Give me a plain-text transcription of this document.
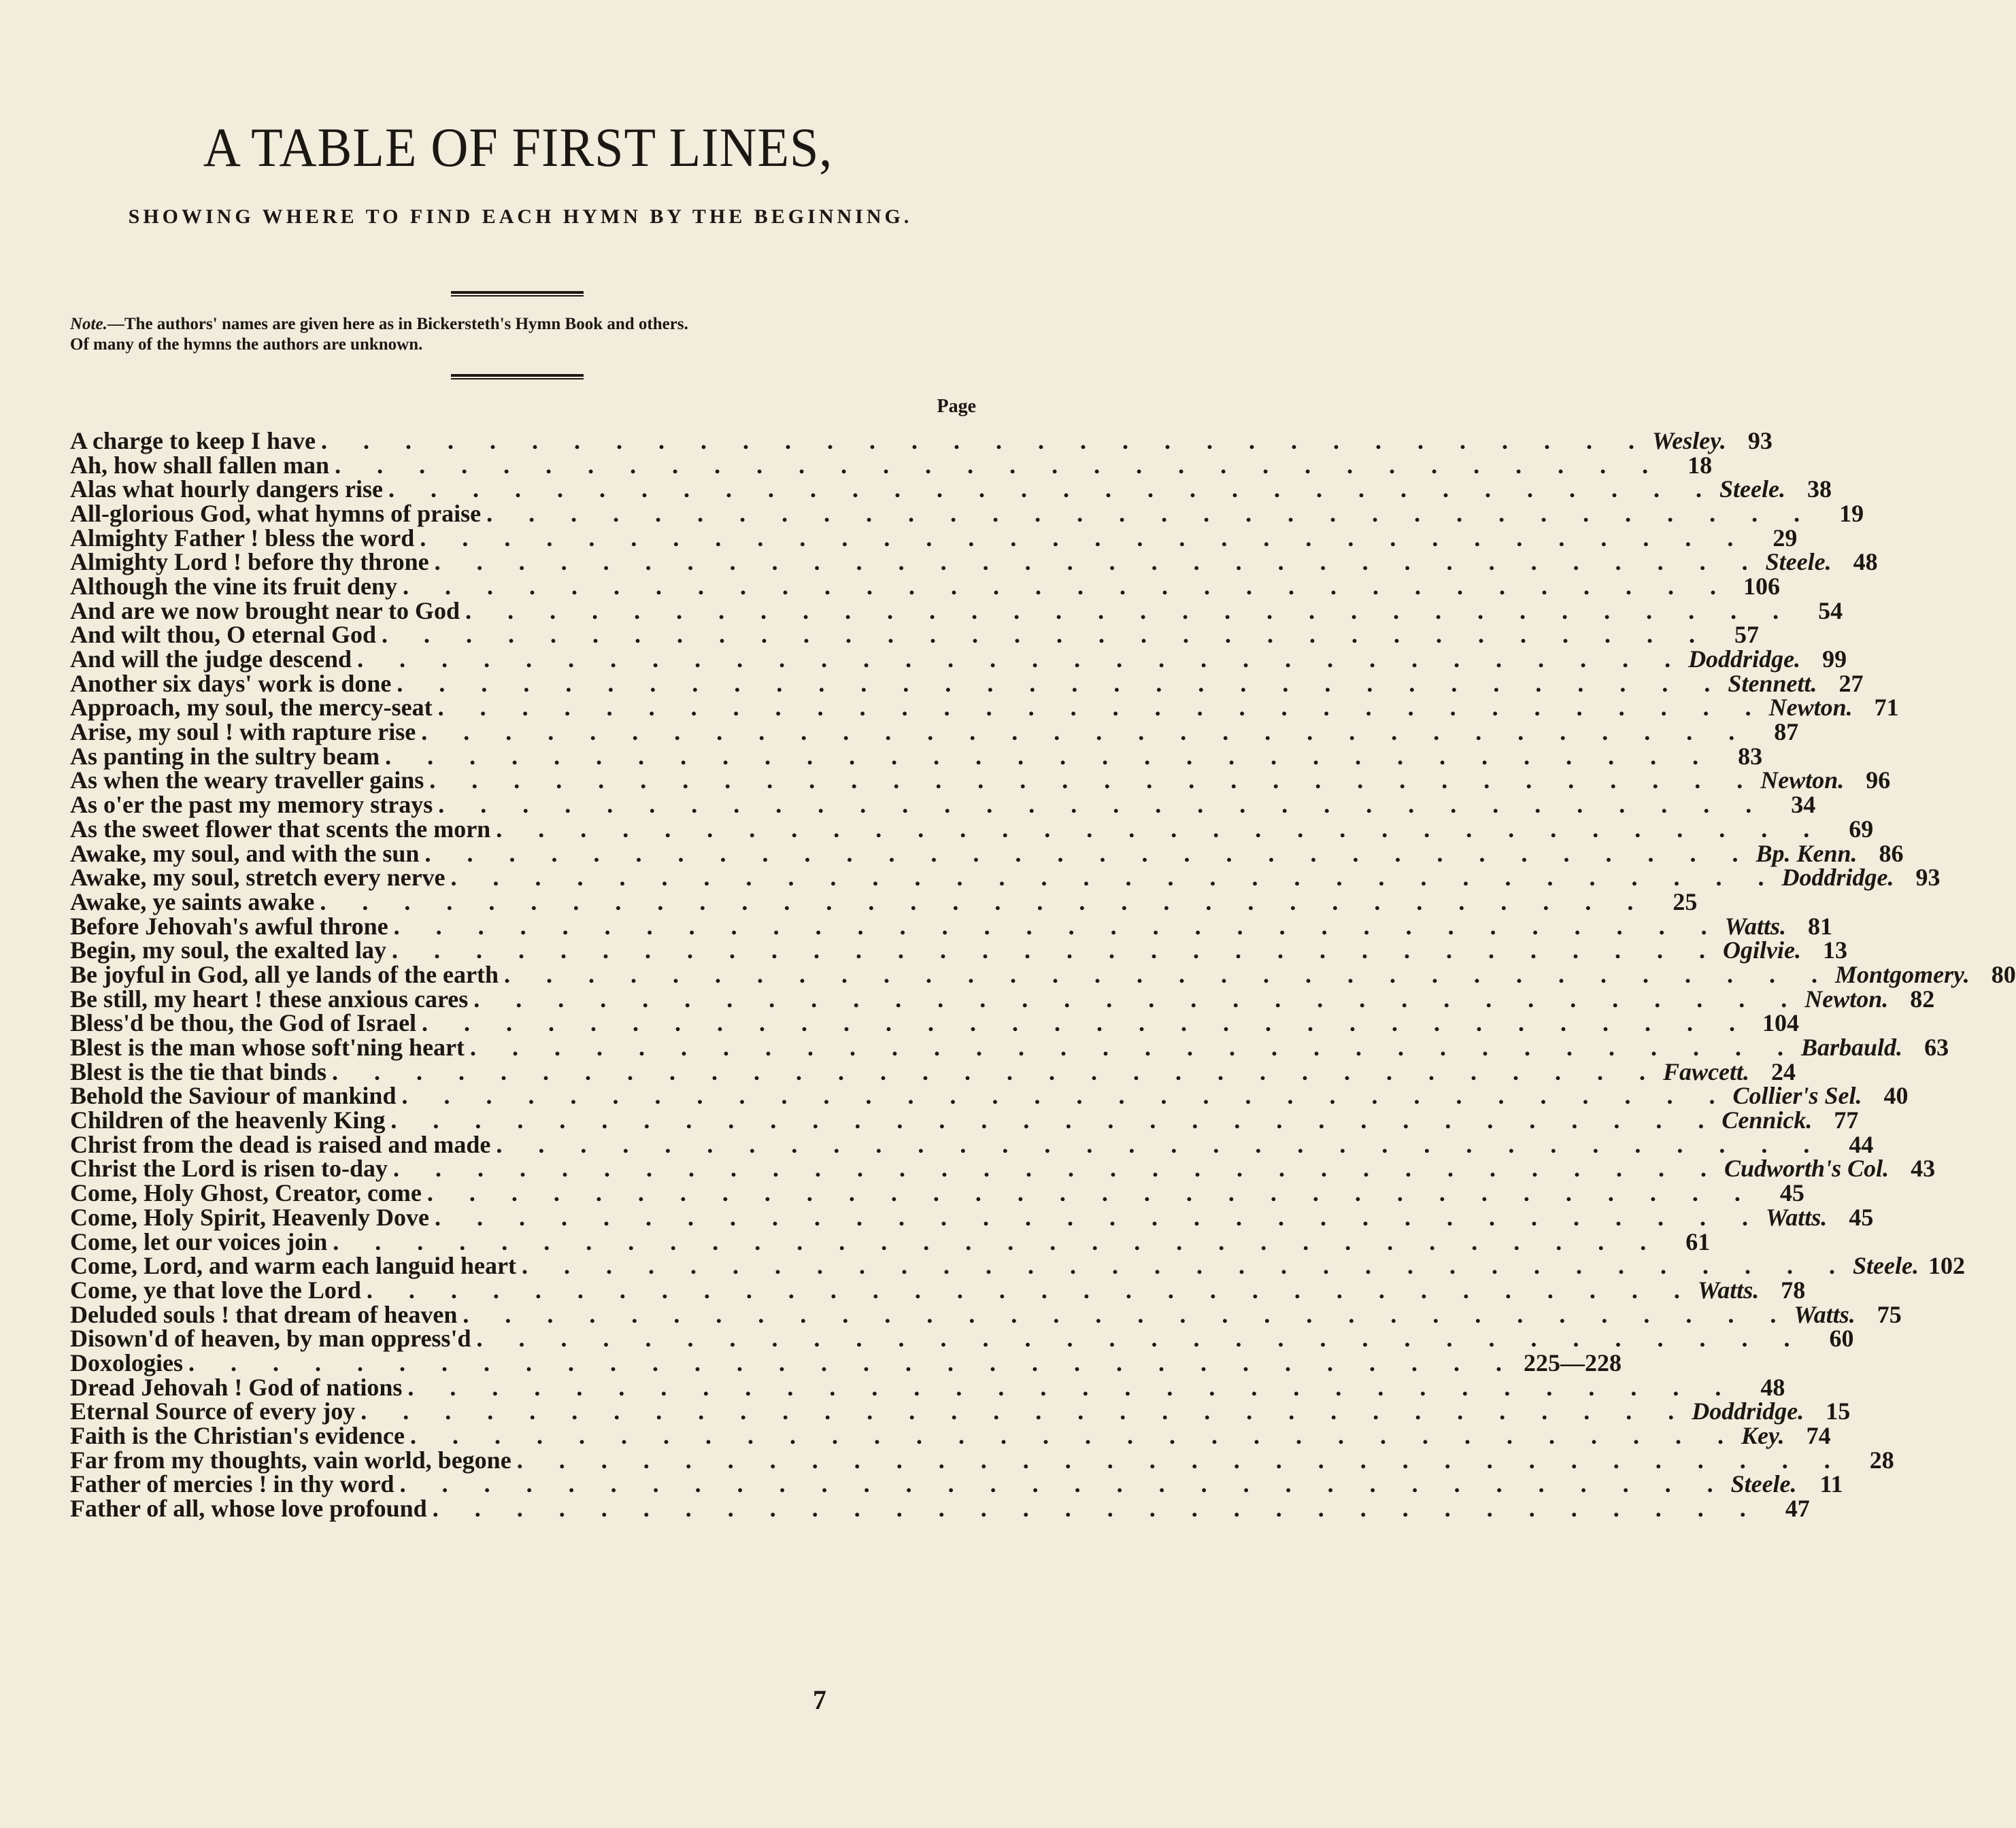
A TABLE OF FIRST LINES,
SHOWING WHERE TO FIND EACH HYMN BY THE BEGINNING.
Note.—The authors' names are given here as in Bickersteth's Hymn Book and others.
Of many of the hymns the authors are unknown.
Page
A charge to keep I have . . . . . . . . . . . . . . . . . . . . . . . . . . . . . . . . Wesley. 93
Ah, how shall fallen man . . . . . . . . . . . . . . . . . . . . . . . . . . . . . . . .	18
Alas what hourly dangers rise . . . . . . . . . . . . . . . . . . . . . . . . . . . . . . . . Steele. 38
All-glorious God, what hymns of praise . . . . . . . . . . . . . . . . . . . . . . . . . . . . . . . .	19
Almighty Father ! bless the word . . . . . . . . . . . . . . . . . . . . . . . . . . . . . . . .	29
Almighty Lord ! before thy throne . . . . . . . . . . . . . . . . . . . . . . . . . . . . . . . . Steele. 48
Although the vine its fruit deny . . . . . . . . . . . . . . . . . . . . . . . . . . . . . . . . 106
And are we now brought near to God . . . . . . . . . . . . . . . . . . . . . . . . . . . . . . . .	54
And wilt thou, O eternal God . . . . . . . . . . . . . . . . . . . . . . . . . . . . . . . .	57
And will the judge descend . . . . . . . . . . . . . . . . . . . . . . . . . . . . . . . . Doddridge. 99
Another six days' work is done . . . . . . . . . . . . . . . . . . . . . . . . . . . . . . . . Stennett. 27
Approach, my soul, the mercy-seat . . . . . . . . . . . . . . . . . . . . . . . . . . . . . . . . Newton. 71
Arise, my soul ! with rapture rise . . . . . . . . . . . . . . . . . . . . . . . . . . . . . . . .	87
As panting in the sultry beam . . . . . . . . . . . . . . . . . . . . . . . . . . . . . . . .	83
As when the weary traveller gains . . . . . . . . . . . . . . . . . . . . . . . . . . . . . . . . Newton. 96
As o'er the past my memory strays . . . . . . . . . . . . . . . . . . . . . . . . . . . . . . . .	34
As the sweet flower that scents the morn . . . . . . . . . . . . . . . . . . . . . . . . . . . . . . . .	69
Awake, my soul, and with the sun . . . . . . . . . . . . . . . . . . . . . . . . . . . . . . . . Bp. Kenn. 86
Awake, my soul, stretch every nerve . . . . . . . . . . . . . . . . . . . . . . . . . . . . . . . . Doddridge. 93
Awake, ye saints awake . . . . . . . . . . . . . . . . . . . . . . . . . . . . . . . .	25
Before Jehovah's awful throne . . . . . . . . . . . . . . . . . . . . . . . . . . . . . . . . Watts. 81
Begin, my soul, the exalted lay . . . . . . . . . . . . . . . . . . . . . . . . . . . . . . . . Ogilvie. 13
Be joyful in God, all ye lands of the earth . . . . . . . . . . . . . . . . . . . . . . . . . . . . . . . . Montgomery. 80
Be still, my heart ! these anxious cares . . . . . . . . . . . . . . . . . . . . . . . . . . . . . . . . Newton. 82
Bless'd be thou, the God of Israel . . . . . . . . . . . . . . . . . . . . . . . . . . . . . . . . 104
Blest is the man whose soft'ning heart . . . . . . . . . . . . . . . . . . . . . . . . . . . . . . . . Barbauld. 63
Blest is the tie that binds . . . . . . . . . . . . . . . . . . . . . . . . . . . . . . . . Fawcett. 24
Behold the Saviour of mankind . . . . . . . . . . . . . . . . . . . . . . . . . . . . . . . . Collier's Sel. 40
Children of the heavenly King . . . . . . . . . . . . . . . . . . . . . . . . . . . . . . . . Cennick. 77
Christ from the dead is raised and made . . . . . . . . . . . . . . . . . . . . . . . . . . . . . . . .	44
Christ the Lord is risen to-day . . . . . . . . . . . . . . . . . . . . . . . . . . . . . . . . Cudworth's Col. 43
Come, Holy Ghost, Creator, come . . . . . . . . . . . . . . . . . . . . . . . . . . . . . . . .	45
Come, Holy Spirit, Heavenly Dove . . . . . . . . . . . . . . . . . . . . . . . . . . . . . . . . Watts. 45
Come, let our voices join . . . . . . . . . . . . . . . . . . . . . . . . . . . . . . . .	61
Come, Lord, and warm each languid heart . . . . . . . . . . . . . . . . . . . . . . . . . . . . . . . . Steele. 102
Come, ye that love the Lord . . . . . . . . . . . . . . . . . . . . . . . . . . . . . . . . Watts. 78
Deluded souls ! that dream of heaven . . . . . . . . . . . . . . . . . . . . . . . . . . . . . . . . Watts. 75
Disown'd of heaven, by man oppress'd . . . . . . . . . . . . . . . . . . . . . . . . . . . . . . . .	60
Doxologies . . . . . . . . . . . . . . . . . . . . . . . . . . . . . . . . 225—228
Dread Jehovah ! God of nations . . . . . . . . . . . . . . . . . . . . . . . . . . . . . . . .	48
Eternal Source of every joy . . . . . . . . . . . . . . . . . . . . . . . . . . . . . . . . Doddridge. 15
Faith is the Christian's evidence . . . . . . . . . . . . . . . . . . . . . . . . . . . . . . . . Key. 74
Far from my thoughts, vain world, begone . . . . . . . . . . . . . . . . . . . . . . . . . . . . . . . .	28
Father of mercies ! in thy word . . . . . . . . . . . . . . . . . . . . . . . . . . . . . . . . Steele. 11
Father of all, whose love profound . . . . . . . . . . . . . . . . . . . . . . . . . . . . . . . .	47
7
